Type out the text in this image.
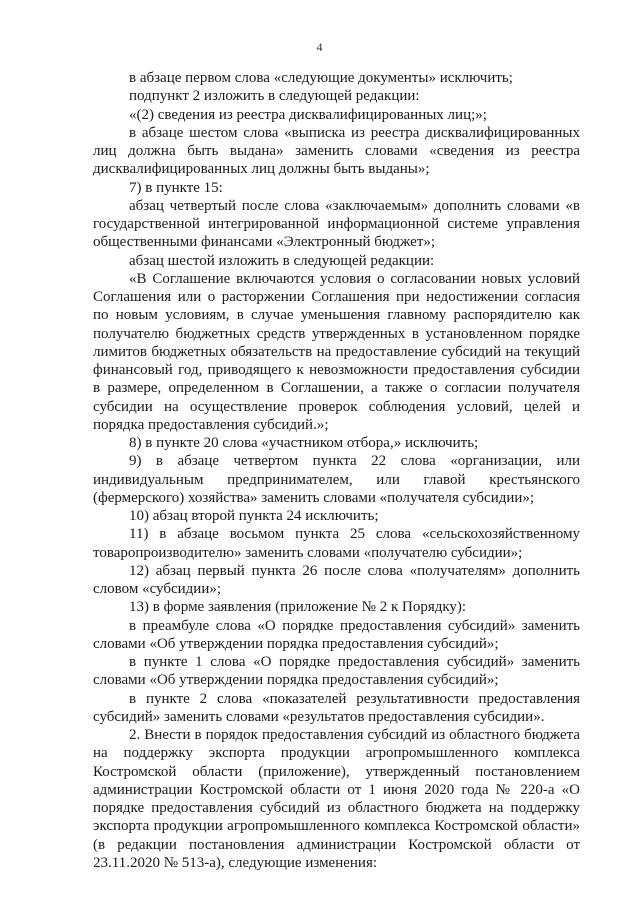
4

в абзаце первом слова «следующие документы» исключить;

подпункт 2 изложить в следующей редакции:

«(2) сведения из реестра дисквалифицированных лиц;»;

в абзаце шестом слова «выписка из реестра дисквалифицированных лиц должна быть выдана» заменить словами «сведения из реестра дисквалифицированных лиц должны быть выданы»;

7) в пункте 15:

абзац четвертый после слова «заключаемым» дополнить словами «в государственной интегрированной информационной системе управления общественными финансами «Электронный бюджет»;

абзац шестой изложить в следующей редакции:

«В Соглашение включаются условия о согласовании новых условий Соглашения или о расторжении Соглашения при недостижении согласия по новым условиям, в случае уменьшения главному распорядителю как получателю бюджетных средств утвержденных в установленном порядке лимитов бюджетных обязательств на предоставление субсидий на текущий финансовый год, приводящего к невозможности предоставления субсидии в размере, определенном в Соглашении, а также о согласии получателя субсидии на осуществление проверок соблюдения условий, целей и порядка предоставления субсидий.»;

8) в пункте 20 слова «участником отбора,» исключить;

9) в абзаце четвертом пункта 22 слова «организации, или индивидуальным предпринимателем, или главой крестьянского (фермерского) хозяйства» заменить словами «получателя субсидии»;

10) абзац второй пункта 24 исключить;

11) в абзаце восьмом пункта 25 слова «сельскохозяйственному товаропроизводителю» заменить словами «получателю субсидии»;

12) абзац первый пункта 26 после слова «получателям» дополнить словом «субсидии»;

13) в форме заявления (приложение № 2 к Порядку):

в преамбуле слова «О порядке предоставления субсидий» заменить словами «Об утверждении порядка предоставления субсидий»;

в пункте 1 слова «О порядке предоставления субсидий» заменить словами «Об утверждении порядка предоставления субсидий»;

в пункте 2 слова «показателей результативности предоставления субсидий» заменить словами «результатов предоставления субсидии».

2. Внести в порядок предоставления субсидий из областного бюджета на поддержку экспорта продукции агропромышленного комплекса Костромской области (приложение), утвержденный постановлением администрации Костромской области от 1 июня 2020 года № 220-а «О порядке предоставления субсидий из областного бюджета на поддержку экспорта продукции агропромышленного комплекса Костромской области» (в редакции постановления администрации Костромской области от 23.11.2020 № 513-а), следующие изменения:
